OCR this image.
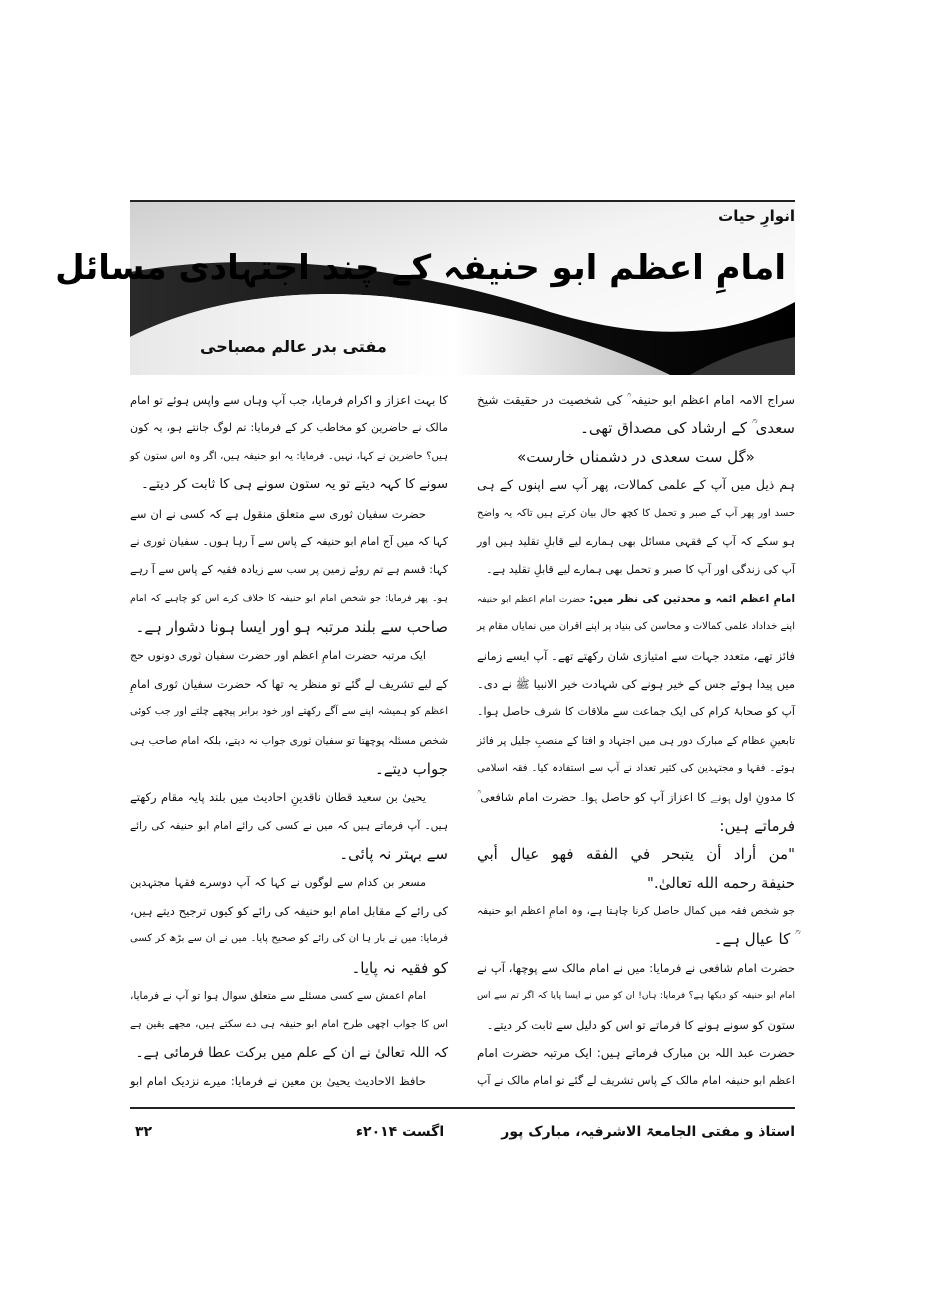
انوارِ حیات
امامِ اعظم ابو حنیفہ کے چند اجتہادی مسائل
مفتی بدر عالم مصباحی
سراج الامہ امام اعظم ابو حنیفہ ؒ کی شخصیت در حقیقت شیخ
سعدی ؒ کے ارشاد کی مصداق تھی۔
«گل ست سعدی در دشمناں خارست»
ہم ذیل میں آپ کے علمی کمالات، پھر آپ سے اپنوں کے ہی
حسد اور پھر آپ کے صبر و تحمل کا کچھ حال بیان کرتے ہیں تاکہ یہ واضح
ہو سکے کہ آپ کے فقہی مسائل بھی ہمارے لیے قابلِ تقلید ہیں اور
آپ کی زندگی اور آپ کا صبر و تحمل بھی ہمارے لیے قابلِ تقلید ہے۔
امامِ اعظم ائمہ و محدثین کی نظر میں: حضرت امام اعظم ابو حنیفہ
اپنے خداداد علمی کمالات و محاسن کی بنیاد پر اپنے اقران میں نمایاں مقام پر
فائز تھے، متعدد جہات سے امتیازی شان رکھتے تھے۔ آپ ایسے زمانے
میں پیدا ہوئے جس کے خیر ہونے کی شہادت خیر الانبیا ﷺ نے دی۔
آپ کو صحابۂ کرام کی ایک جماعت سے ملاقات کا شرف حاصل ہوا۔
تابعینِ عظام کے مبارک دور ہی میں اجتہاد و افتا کے منصبِ جلیل پر فائز
ہوئے۔ فقہا و مجتہدین کی کثیر تعداد نے آپ سے استفادہ کیا۔ فقہ اسلامی
کا مدونِ اول ہونے کا اعزاز آپ کو حاصل ہوا۔ حضرت امام شافعی ؒ
فرماتے ہیں:
"من أراد أن يتبحر في الفقه فهو عيال أبي
حنيفة رحمه الله تعالىٰ."
جو شخص فقہ میں کمال حاصل کرنا چاہتا ہے، وہ امامِ اعظم ابو حنیفہ
ؒ کا عیال ہے۔
حضرت امام شافعی نے فرمایا: میں نے امام مالک سے پوچھا، آپ نے
امام ابو حنیفہ کو دیکھا ہے؟ فرمایا: ہاں! ان کو میں نے ایسا پایا کہ اگر تم سے اس
ستون کو سونے ہونے کا فرماتے تو اس کو دلیل سے ثابت کر دیتے۔
حضرت عبد اللہ بن مبارک فرماتے ہیں: ایک مرتبہ حضرت امام
اعظم ابو حنیفہ امام مالک کے پاس تشریف لے گئے تو امام مالک نے آپ
کا بہت اعزاز و اکرام فرمایا، جب آپ وہاں سے واپس ہوئے تو امام
مالک نے حاضرین کو مخاطب کر کے فرمایا: تم لوگ جانتے ہو، یہ کون
ہیں؟ حاضرین نے کہا، نہیں۔ فرمایا: یہ ابو حنیفہ ہیں، اگر وہ اس ستون کو
سونے کا کہہ دیتے تو یہ ستون سونے ہی کا ثابت کر دیتے۔
حضرت سفیان ثوری سے متعلق منقول ہے کہ کسی نے ان سے
کہا کہ میں آج امام ابو حنیفہ کے پاس سے آ رہا ہوں۔ سفیان ثوری نے
کہا: قسم ہے تم روئے زمین پر سب سے زیادہ فقیہ کے پاس سے آ رہے
ہو۔ پھر فرمایا: جو شخص امام ابو حنیفہ کا خلاف کرے اس کو چاہیے کہ امام
صاحب سے بلند مرتبہ ہو اور ایسا ہونا دشوار ہے۔
ایک مرتبہ حضرت امامِ اعظم اور حضرت سفیان ثوری دونوں حج
کے لیے تشریف لے گئے تو منظر یہ تھا کہ حضرت سفیان ثوری امامِ
اعظم کو ہمیشہ اپنے سے آگے رکھتے اور خود برابر پیچھے چلتے اور جب کوئی
شخص مسئلہ پوچھتا تو سفیان ثوری جواب نہ دیتے، بلکہ امام صاحب ہی
جواب دیتے۔
یحییٰ بن سعید قطان ناقدینِ احادیث میں بلند پایہ مقام رکھتے
ہیں۔ آپ فرماتے ہیں کہ میں نے کسی کی رائے امام ابو حنیفہ کی رائے
سے بہتر نہ پائی۔
مسعر بن کدام سے لوگوں نے کہا کہ آپ دوسرے فقہا مجتہدین
کی رائے کے مقابل امام ابو حنیفہ کی رائے کو کیوں ترجیح دیتے ہیں،
فرمایا: میں نے بار ہا ان کی رائے کو صحیح پایا۔ میں نے ان سے بڑھ کر کسی
کو فقیہ نہ پایا۔
امام اعمش سے کسی مسئلے سے متعلق سوال ہوا تو آپ نے فرمایا،
اس کا جواب اچھی طرح امام ابو حنیفہ ہی دے سکتے ہیں، مجھے یقین ہے
کہ اللہ تعالیٰ نے ان کے علم میں برکت عطا فرمائی ہے۔
حافظ الاحادیث یحییٰ بن معین نے فرمایا: میرے نزدیک امام ابو
استاذ و مفتی الجامعۃ الاشرفیہ، مبارک پور
اگست ۲۰۱۴ء
۳۲
